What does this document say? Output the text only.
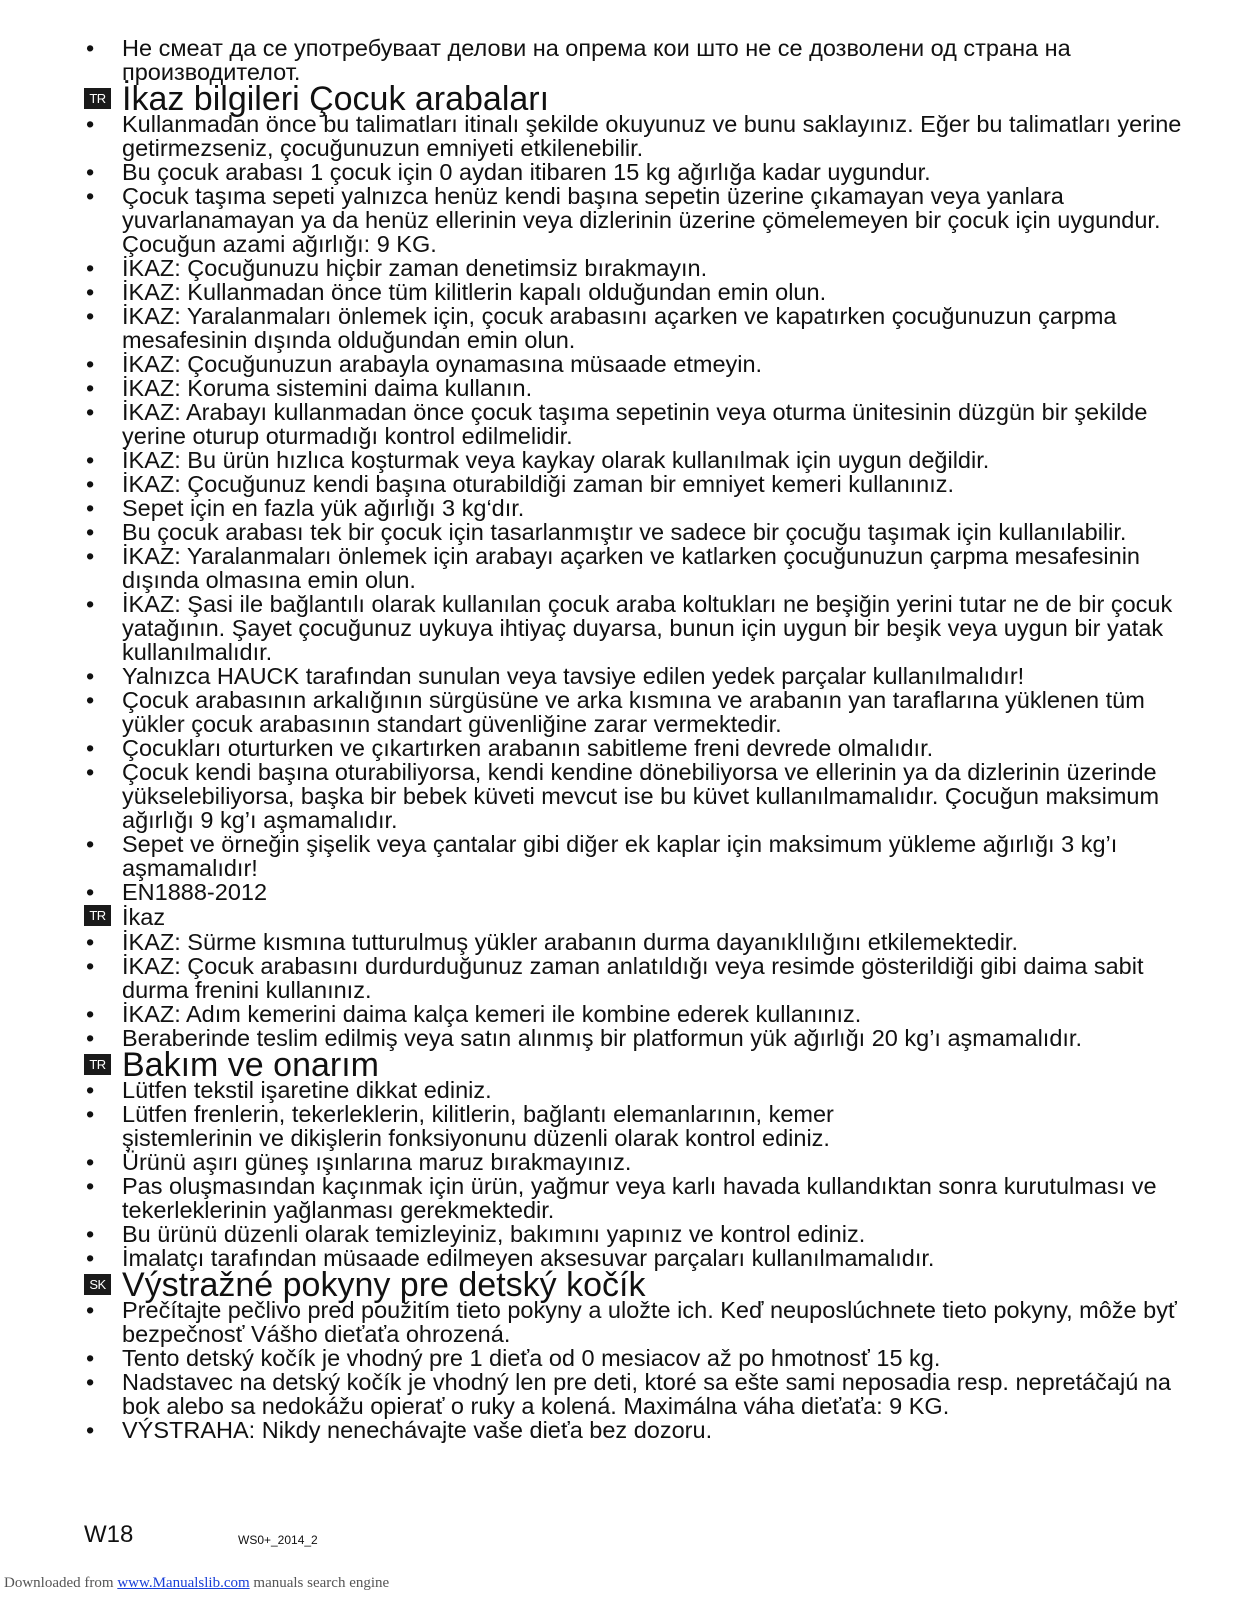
•	Не смеат да се употребуваат делови на опрема кои што не се дозволени од страна на производителот.
TR İkaz bilgileri Çocuk arabaları
•	Kullanmadan önce bu talimatları itinalı şekilde okuyunuz ve bunu saklayınız. Eğer bu talimatları yerine getirmezseniz, çocuğunuzun emniyeti etkilenebilir.
•	Bu çocuk arabası 1 çocuk için 0 aydan itibaren 15 kg ağırlığa kadar uygundur.
•	Çocuk taşıma sepeti yalnızca henüz kendi başına sepetin üzerine çıkamayan veya yanlara yuvarlanamayan ya da henüz ellerinin veya dizlerinin üzerine çömelemeyen bir çocuk için uygundur. Çocuğun azami ağırlığı: 9 KG.
•	İKAZ: Çocuğunuzu hiçbir zaman denetimsiz bırakmayın.
•	İKAZ: Kullanmadan önce tüm kilitlerin kapalı olduğundan emin olun.
•	İKAZ: Yaralanmaları önlemek için, çocuk arabasını açarken ve kapatırken çocuğunuzun çarpma mesafesinin dışında olduğundan emin olun.
•	İKAZ: Çocuğunuzun arabayla oynamasına müsaade etmeyin.
•	İKAZ: Koruma sistemini daima kullanın.
•	İKAZ: Arabayı kullanmadan önce çocuk taşıma sepetinin veya oturma ünitesinin düzgün bir şekilde yerine oturup oturmadığı kontrol edilmelidir.
•	İKAZ: Bu ürün hızlıca koşturmak veya kaykay olarak kullanılmak için uygun değildir.
•	İKAZ: Çocuğunuz kendi başına oturabildiği zaman bir emniyet kemeri kullanınız.
•	Sepet için en fazla yük ağırlığı 3 kg‘dır.
•	Bu çocuk arabası tek bir çocuk için tasarlanmıştır ve sadece bir çocuğu taşımak için kullanılabilir.
•	İKAZ: Yaralanmaları önlemek için arabayı açarken ve katlarken çocuğunuzun çarpma mesafesinin dışında olmasına emin olun.
•	İKAZ: Şasi ile bağlantılı olarak kullanılan çocuk araba koltukları ne beşiğin yerini tutar ne de bir çocuk yatağının. Şayet çocuğunuz uykuya ihtiyaç duyarsa, bunun için uygun bir beşik veya uygun bir yatak kullanılmalıdır.
•	Yalnızca HAUCK tarafından sunulan veya tavsiye edilen yedek parçalar kullanılmalıdır!
•	Çocuk arabasının arkalığının sürgüsüne ve arka kısmına ve arabanın yan taraflarına yüklenen tüm yükler çocuk arabasının standart güvenliğine zarar vermektedir.
•	Çocukları oturturken ve çıkartırken arabanın sabitleme freni devrede olmalıdır.
•	Çocuk kendi başına oturabiliyorsa, kendi kendine dönebiliyorsa ve ellerinin ya da dizlerinin üzerinde yükselebiliyorsa, başka bir bebek küveti mevcut ise bu küvet kullanılmamalıdır. Çocuğun maksimum ağırlığı 9 kg’ı aşmamalıdır.
•	Sepet ve örneğin şişelik veya çantalar gibi diğer ek kaplar için maksimum yükleme ağırlığı 3 kg’ı aşmamalıdır!
•	EN1888-2012
TR İkaz
•	İKAZ: Sürme kısmına tutturulmuş yükler arabanın durma dayanıklılığını etkilemektedir.
•	İKAZ: Çocuk arabasını durdurduğunuz zaman anlatıldığı veya resimde gösterildiği gibi daima sabit durma frenini kullanınız.
•	İKAZ: Adım kemerini daima kalça kemeri ile kombine ederek kullanınız.
•	Beraberinde teslim edilmiş veya satın alınmış bir platformun yük ağırlığı 20 kg’ı aşmamalıdır.
TR Bakım ve onarım
•	Lütfen tekstil işaretine dikkat ediniz.
•	Lütfen frenlerin, tekerleklerin, kilitlerin, bağlantı elemanlarının, kemer
şistemlerinin ve dikişlerin fonksiyonunu düzenli olarak kontrol ediniz.
•	Ürünü aşırı güneş ışınlarına maruz bırakmayınız.
•	Pas oluşmasından kaçınmak için ürün, yağmur veya karlı havada kullandıktan sonra kurutulması ve tekerleklerinin yağlanması gerekmektedir.
•	Bu ürünü düzenli olarak temizleyiniz, bakımını yapınız ve kontrol ediniz.
•	İmalatçı tarafından müsaade edilmeyen aksesuvar parçaları kullanılmamalıdır.
SK Výstražné pokyny pre detský kočík
•	Prečítajte pečlivo pred použitím tieto pokyny a uložte ich. Keď neuposlúchnete tieto pokyny, môže byť bezpečnosť Vášho dieťaťa ohrozená.
•	Tento detský kočík je vhodný pre 1 dieťa od 0 mesiacov až po hmotnosť 15 kg.
•	Nadstavec na detský kočík je vhodný len pre deti, ktoré sa ešte sami neposadia resp. nepretáčajú na bok alebo sa nedokážu opierať o ruky a kolená. Maximálna váha dieťaťa: 9 KG.
•	VÝSTRAHA: Nikdy nenechávajte vaše dieťa bez dozoru.
W18	WS0+_2014_2
Downloaded from www.Manualslib.com manuals search engine
